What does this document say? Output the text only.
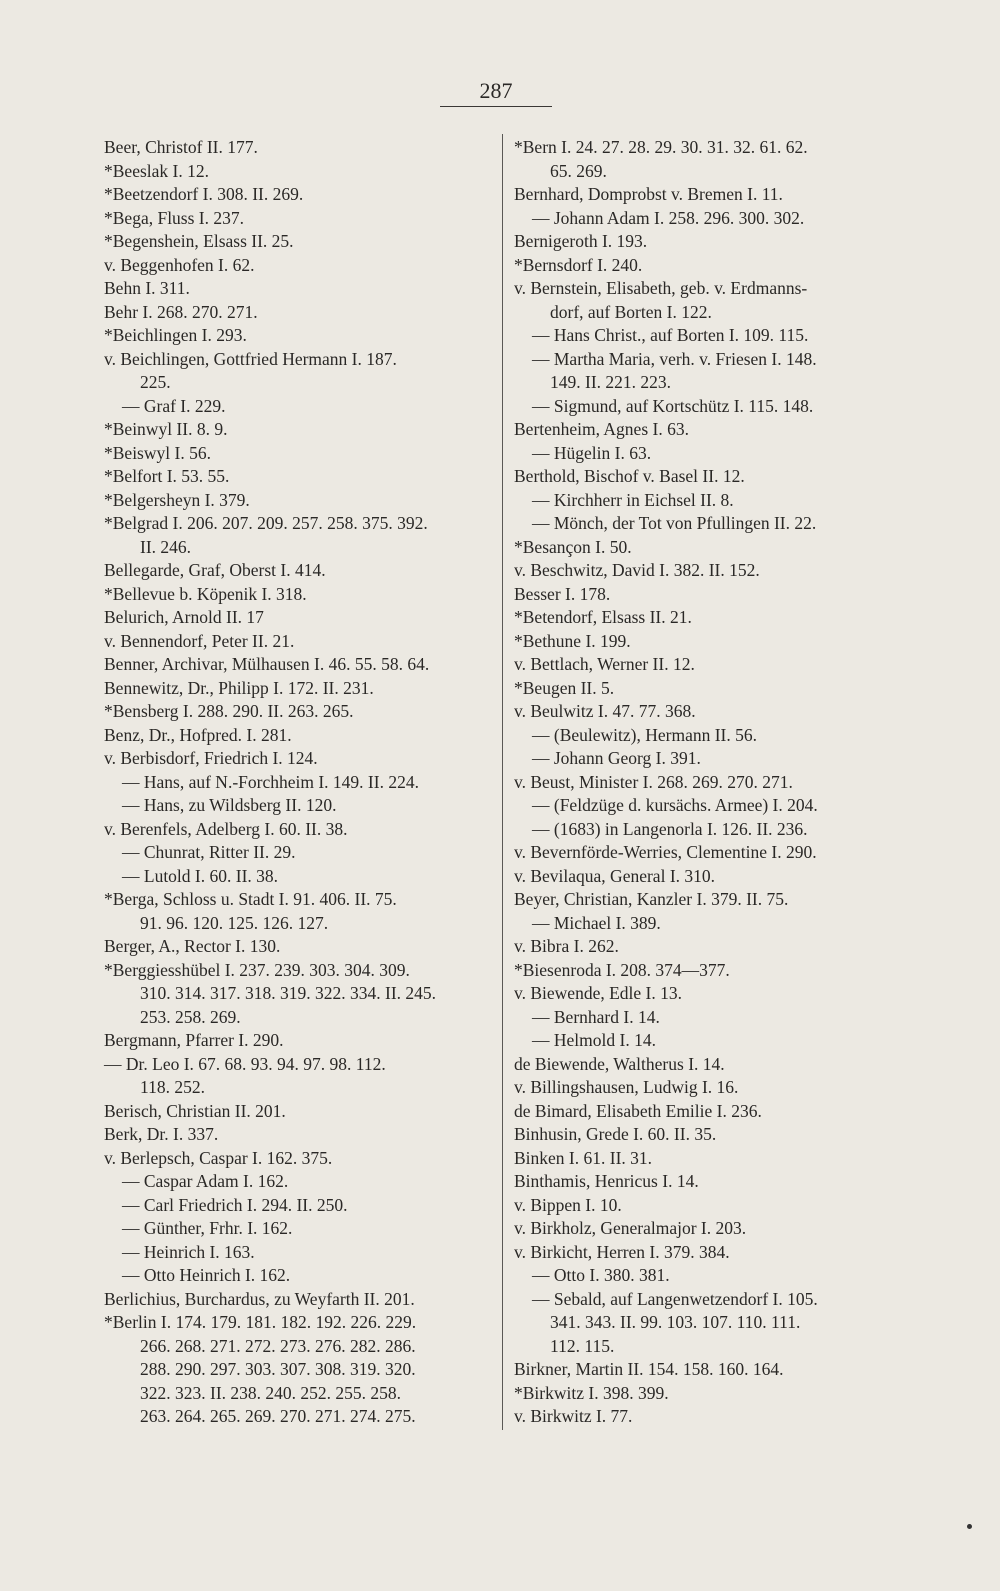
287
Beer, Christof II. 177.
*Beeslak I. 12.
*Beetzendorf I. 308. II. 269.
*Bega, Fluss I. 237.
*Begenshein, Elsass II. 25.
v. Beggenhofen I. 62.
Behn I. 311.
Behr I. 268. 270. 271.
*Beichlingen I. 293.
v. Beichlingen, Gottfried Hermann I. 187.
225.
— Graf I. 229.
*Beinwyl II. 8. 9.
*Beiswyl I. 56.
*Belfort I. 53. 55.
*Belgersheyn I. 379.
*Belgrad I. 206. 207. 209. 257. 258. 375. 392.
II. 246.
Bellegarde, Graf, Oberst I. 414.
*Bellevue b. Köpenik I. 318.
Belurich, Arnold II. 17
v. Bennendorf, Peter II. 21.
Benner, Archivar, Mülhausen I. 46. 55. 58. 64.
Bennewitz, Dr., Philipp I. 172. II. 231.
*Bensberg I. 288. 290. II. 263. 265.
Benz, Dr., Hofpred. I. 281.
v. Berbisdorf, Friedrich I. 124.
— Hans, auf N.-Forchheim I. 149. II. 224.
— Hans, zu Wildsberg II. 120.
v. Berenfels, Adelberg I. 60. II. 38.
— Chunrat, Ritter II. 29.
— Lutold I. 60. II. 38.
*Berga, Schloss u. Stadt I. 91. 406. II. 75.
91. 96. 120. 125. 126. 127.
Berger, A., Rector I. 130.
*Berggiesshübel I. 237. 239. 303. 304. 309.
310. 314. 317. 318. 319. 322. 334. II. 245.
253. 258. 269.
Bergmann, Pfarrer I. 290.
— Dr. Leo I. 67. 68. 93. 94. 97. 98. 112.
118. 252.
Berisch, Christian II. 201.
Berk, Dr. I. 337.
v. Berlepsch, Caspar I. 162. 375.
— Caspar Adam I. 162.
— Carl Friedrich I. 294. II. 250.
— Günther, Frhr. I. 162.
— Heinrich I. 163.
— Otto Heinrich I. 162.
Berlichius, Burchardus, zu Weyfarth II. 201.
*Berlin I. 174. 179. 181. 182. 192. 226. 229.
266. 268. 271. 272. 273. 276. 282. 286.
288. 290. 297. 303. 307. 308. 319. 320.
322. 323. II. 238. 240. 252. 255. 258.
263. 264. 265. 269. 270. 271. 274. 275.
*Bern I. 24. 27. 28. 29. 30. 31. 32. 61. 62.
65. 269.
Bernhard, Domprobst v. Bremen I. 11.
— Johann Adam I. 258. 296. 300. 302.
Bernigeroth I. 193.
*Bernsdorf I. 240.
v. Bernstein, Elisabeth, geb. v. Erdmanns-
dorf, auf Borten I. 122.
— Hans Christ., auf Borten I. 109. 115.
— Martha Maria, verh. v. Friesen I. 148.
149. II. 221. 223.
— Sigmund, auf Kortschütz I. 115. 148.
Bertenheim, Agnes I. 63.
— Hügelin I. 63.
Berthold, Bischof v. Basel II. 12.
— Kirchherr in Eichsel II. 8.
— Mönch, der Tot von Pfullingen II. 22.
*Besançon I. 50.
v. Beschwitz, David I. 382. II. 152.
Besser I. 178.
*Betendorf, Elsass II. 21.
*Bethune I. 199.
v. Bettlach, Werner II. 12.
*Beugen II. 5.
v. Beulwitz I. 47. 77. 368.
— (Beulewitz), Hermann II. 56.
— Johann Georg I. 391.
v. Beust, Minister I. 268. 269. 270. 271.
— (Feldzüge d. kursächs. Armee) I. 204.
— (1683) in Langenorla I. 126. II. 236.
v. Bevernförde-Werries, Clementine I. 290.
v. Bevilaqua, General I. 310.
Beyer, Christian, Kanzler I. 379. II. 75.
— Michael I. 389.
v. Bibra I. 262.
*Biesenroda I. 208. 374—377.
v. Biewende, Edle I. 13.
— Bernhard I. 14.
— Helmold I. 14.
de Biewende, Waltherus I. 14.
v. Billingshausen, Ludwig I. 16.
de Bimard, Elisabeth Emilie I. 236.
Binhusin, Grede I. 60. II. 35.
Binken I. 61. II. 31.
Binthamis, Henricus I. 14.
v. Bippen I. 10.
v. Birkholz, Generalmajor I. 203.
v. Birkicht, Herren I. 379. 384.
— Otto I. 380. 381.
— Sebald, auf Langenwetzendorf I. 105.
341. 343. II. 99. 103. 107. 110. 111.
112. 115.
Birkner, Martin II. 154. 158. 160. 164.
*Birkwitz I. 398. 399.
v. Birkwitz I. 77.
